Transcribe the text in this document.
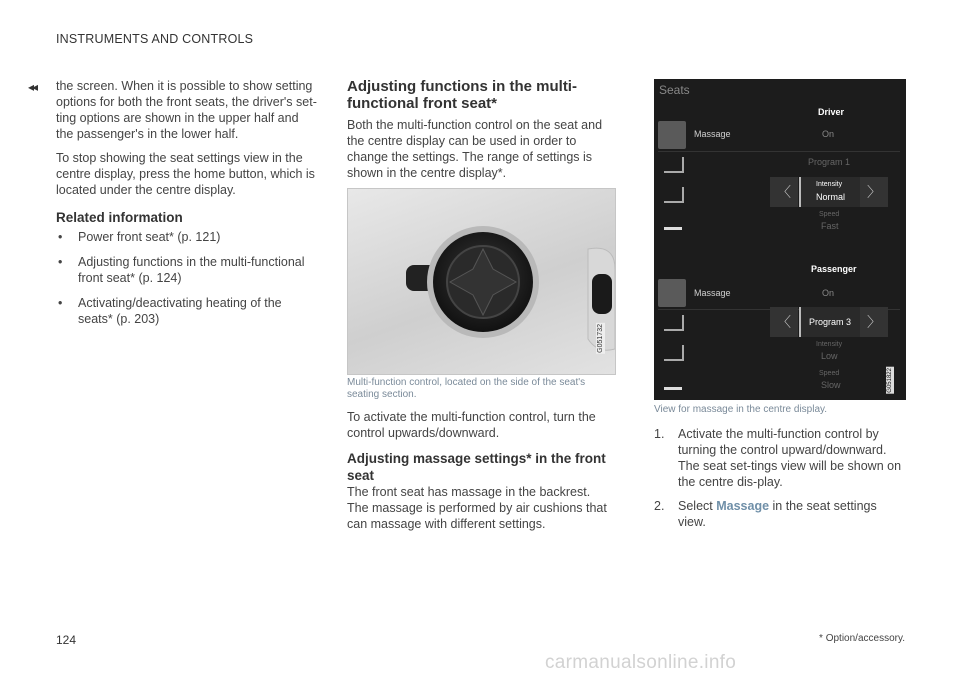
INSTRUMENTS AND CONTROLS
◂◂ the screen. When it is possible to show setting options for both the front seats, the driver's set-ting options are shown in the upper half and the passenger's in the lower half.

To stop showing the seat settings view in the centre display, press the home button, which is located under the centre display.

Related information
• Power front seat* (p. 121)
• Adjusting functions in the multi-functional front seat* (p. 124)
• Activating/deactivating heating of the seats* (p. 203)
Adjusting functions in the multi-functional front seat*

Both the multi-function control on the seat and the centre display can be used in order to change the settings. The range of settings is shown in the centre display*.

G051732
Multi-function control, located on the side of the seat's seating section.

To activate the multi-function control, turn the control upwards/downward.

Adjusting massage settings* in the front seat

The front seat has massage in the backrest. The massage is performed by air cushions that can massage with different settings.

Seats
Driver
Massage	On
Program 1
〈	Intensity
Normal	〉
Speed
Fast
Passenger
Massage	On
〈	Program 3	〉
Intensity
Low
Speed
Slow	G051822
View for massage in the centre display.
1. Activate the multi-function control by turning the control upward/downward. The seat set-tings view will be shown on the centre dis-play.

2. Select Massage in the seat settings view.

124	* Option/accessory.
carmanualsonline.info
